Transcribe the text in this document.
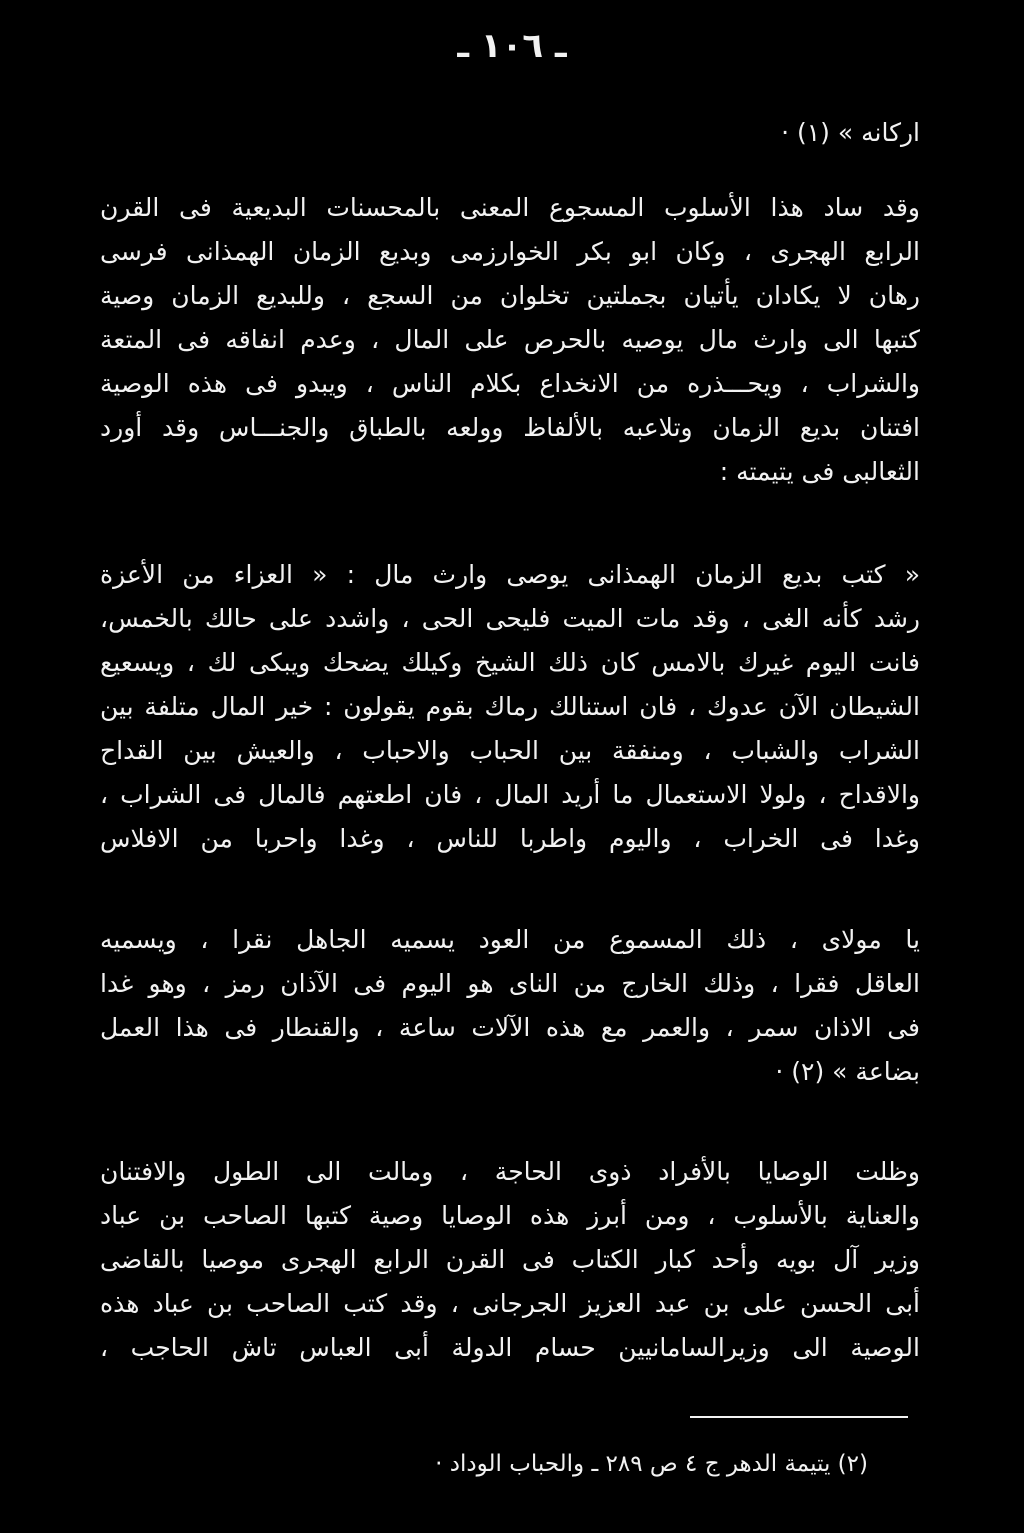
ـ ١٠٦ ـ
اركانه » (١) ·
وقد ساد هذا الأسلوب المسجوع المعنى بالمحسنات البديعية فى القرن
الرابع الهجرى ، وكان ابو بكر الخوارزمى وبديع الزمان الهمذانى فرسى
رهان لا يكادان يأتيان بجملتين تخلوان من السجع ، وللبديع الزمان وصية
كتبها الى وارث مال يوصيه بالحرص على المال ، وعدم انفاقه فى المتعة
والشراب ، ويحـــذره من الانخداع بكلام الناس ، ويبدو فى هذه الوصية
افتنان بديع الزمان وتلاعبه بالألفاظ وولعه بالطباق والجنـــاس وقد أورد
الثعالبى فى يتيمته :
« كتب بديع الزمان الهمذانى يوصى وارث مال : « العزاء من الأعزة
رشد كأنه الغى ، وقد مات الميت فليحى الحى ، واشدد على حالك بالخمس،
فانت اليوم غيرك بالامس كان ذلك الشيخ وكيلك يضحك ويبكى لك ، ويسعيع
الشيطان الآن عدوك ، فان استنالك رماك بقوم يقولون : خير المال متلفة بين
الشراب والشباب ، ومنفقة بين الحباب والاحباب ، والعيش بين القداح
والاقداح ، ولولا الاستعمال ما أريد المال ، فان اطعتهم فالمال فى الشراب ،
وغدا فى الخراب ، واليوم واطربا للناس ، وغدا واحربا من الافلاس
يا مولاى ، ذلك المسموع من العود يسميه الجاهل نقرا ، ويسميه
العاقل فقرا ، وذلك الخارج من الناى هو اليوم فى الآذان رمز ، وهو غدا
فى الاذان سمر ، والعمر مع هذه الآلات ساعة ، والقنطار فى هذا العمل
بضاعة » (٢) ·
وظلت الوصايا بالأفراد ذوى الحاجة ، ومالت الى الطول والافتنان
والعناية بالأسلوب ، ومن أبرز هذه الوصايا وصية كتبها الصاحب بن عباد
وزير آل بويه وأحد كبار الكتاب فى القرن الرابع الهجرى موصيا بالقاضى
أبى الحسن على بن عبد العزيز الجرجانى ، وقد كتب الصاحب بن عباد هذه
الوصية الى وزيرالسامانيين حسام الدولة أبى العباس تاش الحاجب ،
(٢) يتيمة الدهر ج ٤ ص ٢٨٩ ـ والحباب الوداد ·
